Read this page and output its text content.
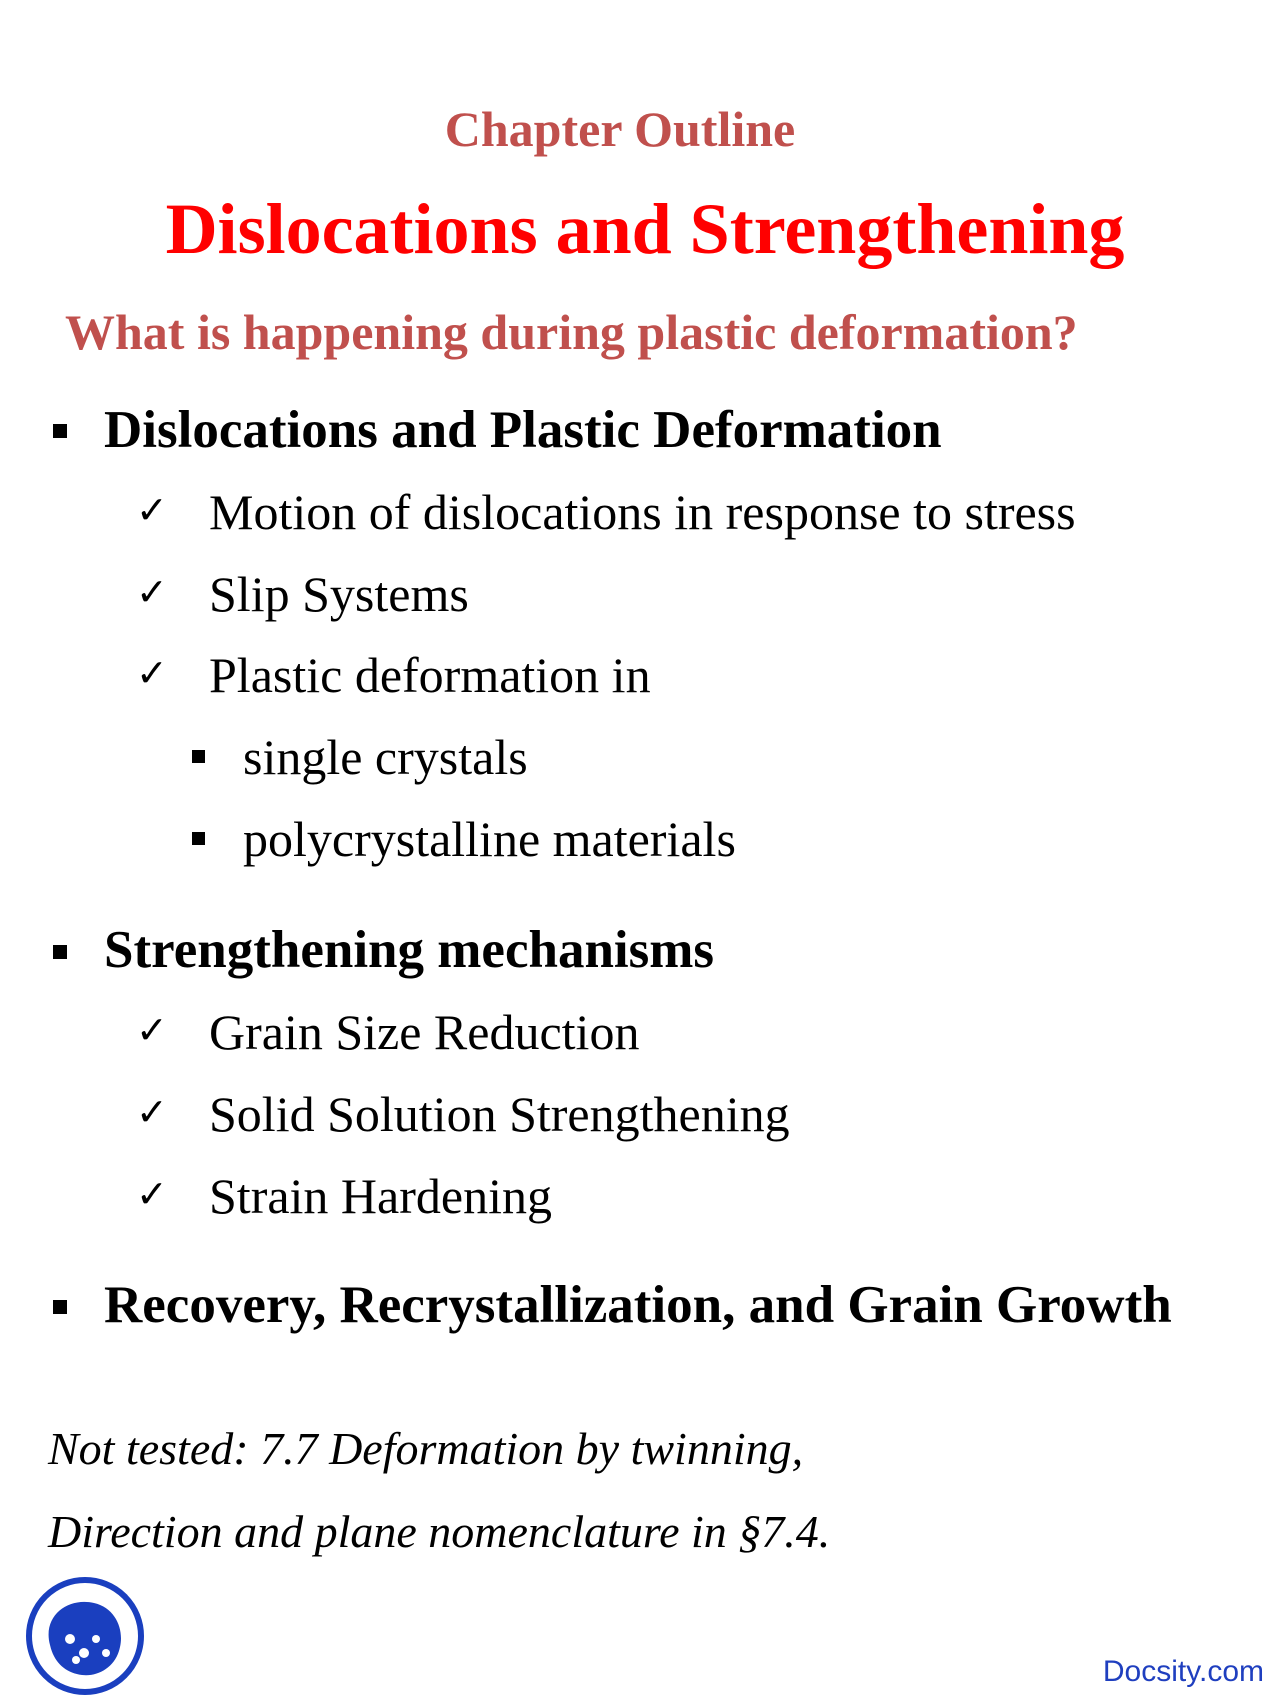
Chapter Outline
Dislocations and Strengthening
What is happening during plastic deformation?
Dislocations and Plastic Deformation
✓ Motion of dislocations in response to stress
✓ Slip Systems
✓ Plastic deformation in
single crystals
polycrystalline materials
Strengthening mechanisms
✓ Grain Size Reduction
✓ Solid Solution Strengthening
✓ Strain Hardening
Recovery, Recrystallization, and Grain Growth
Not tested: 7.7 Deformation by twinning,
Direction and plane nomenclature in §7.4.
Docsity.com
